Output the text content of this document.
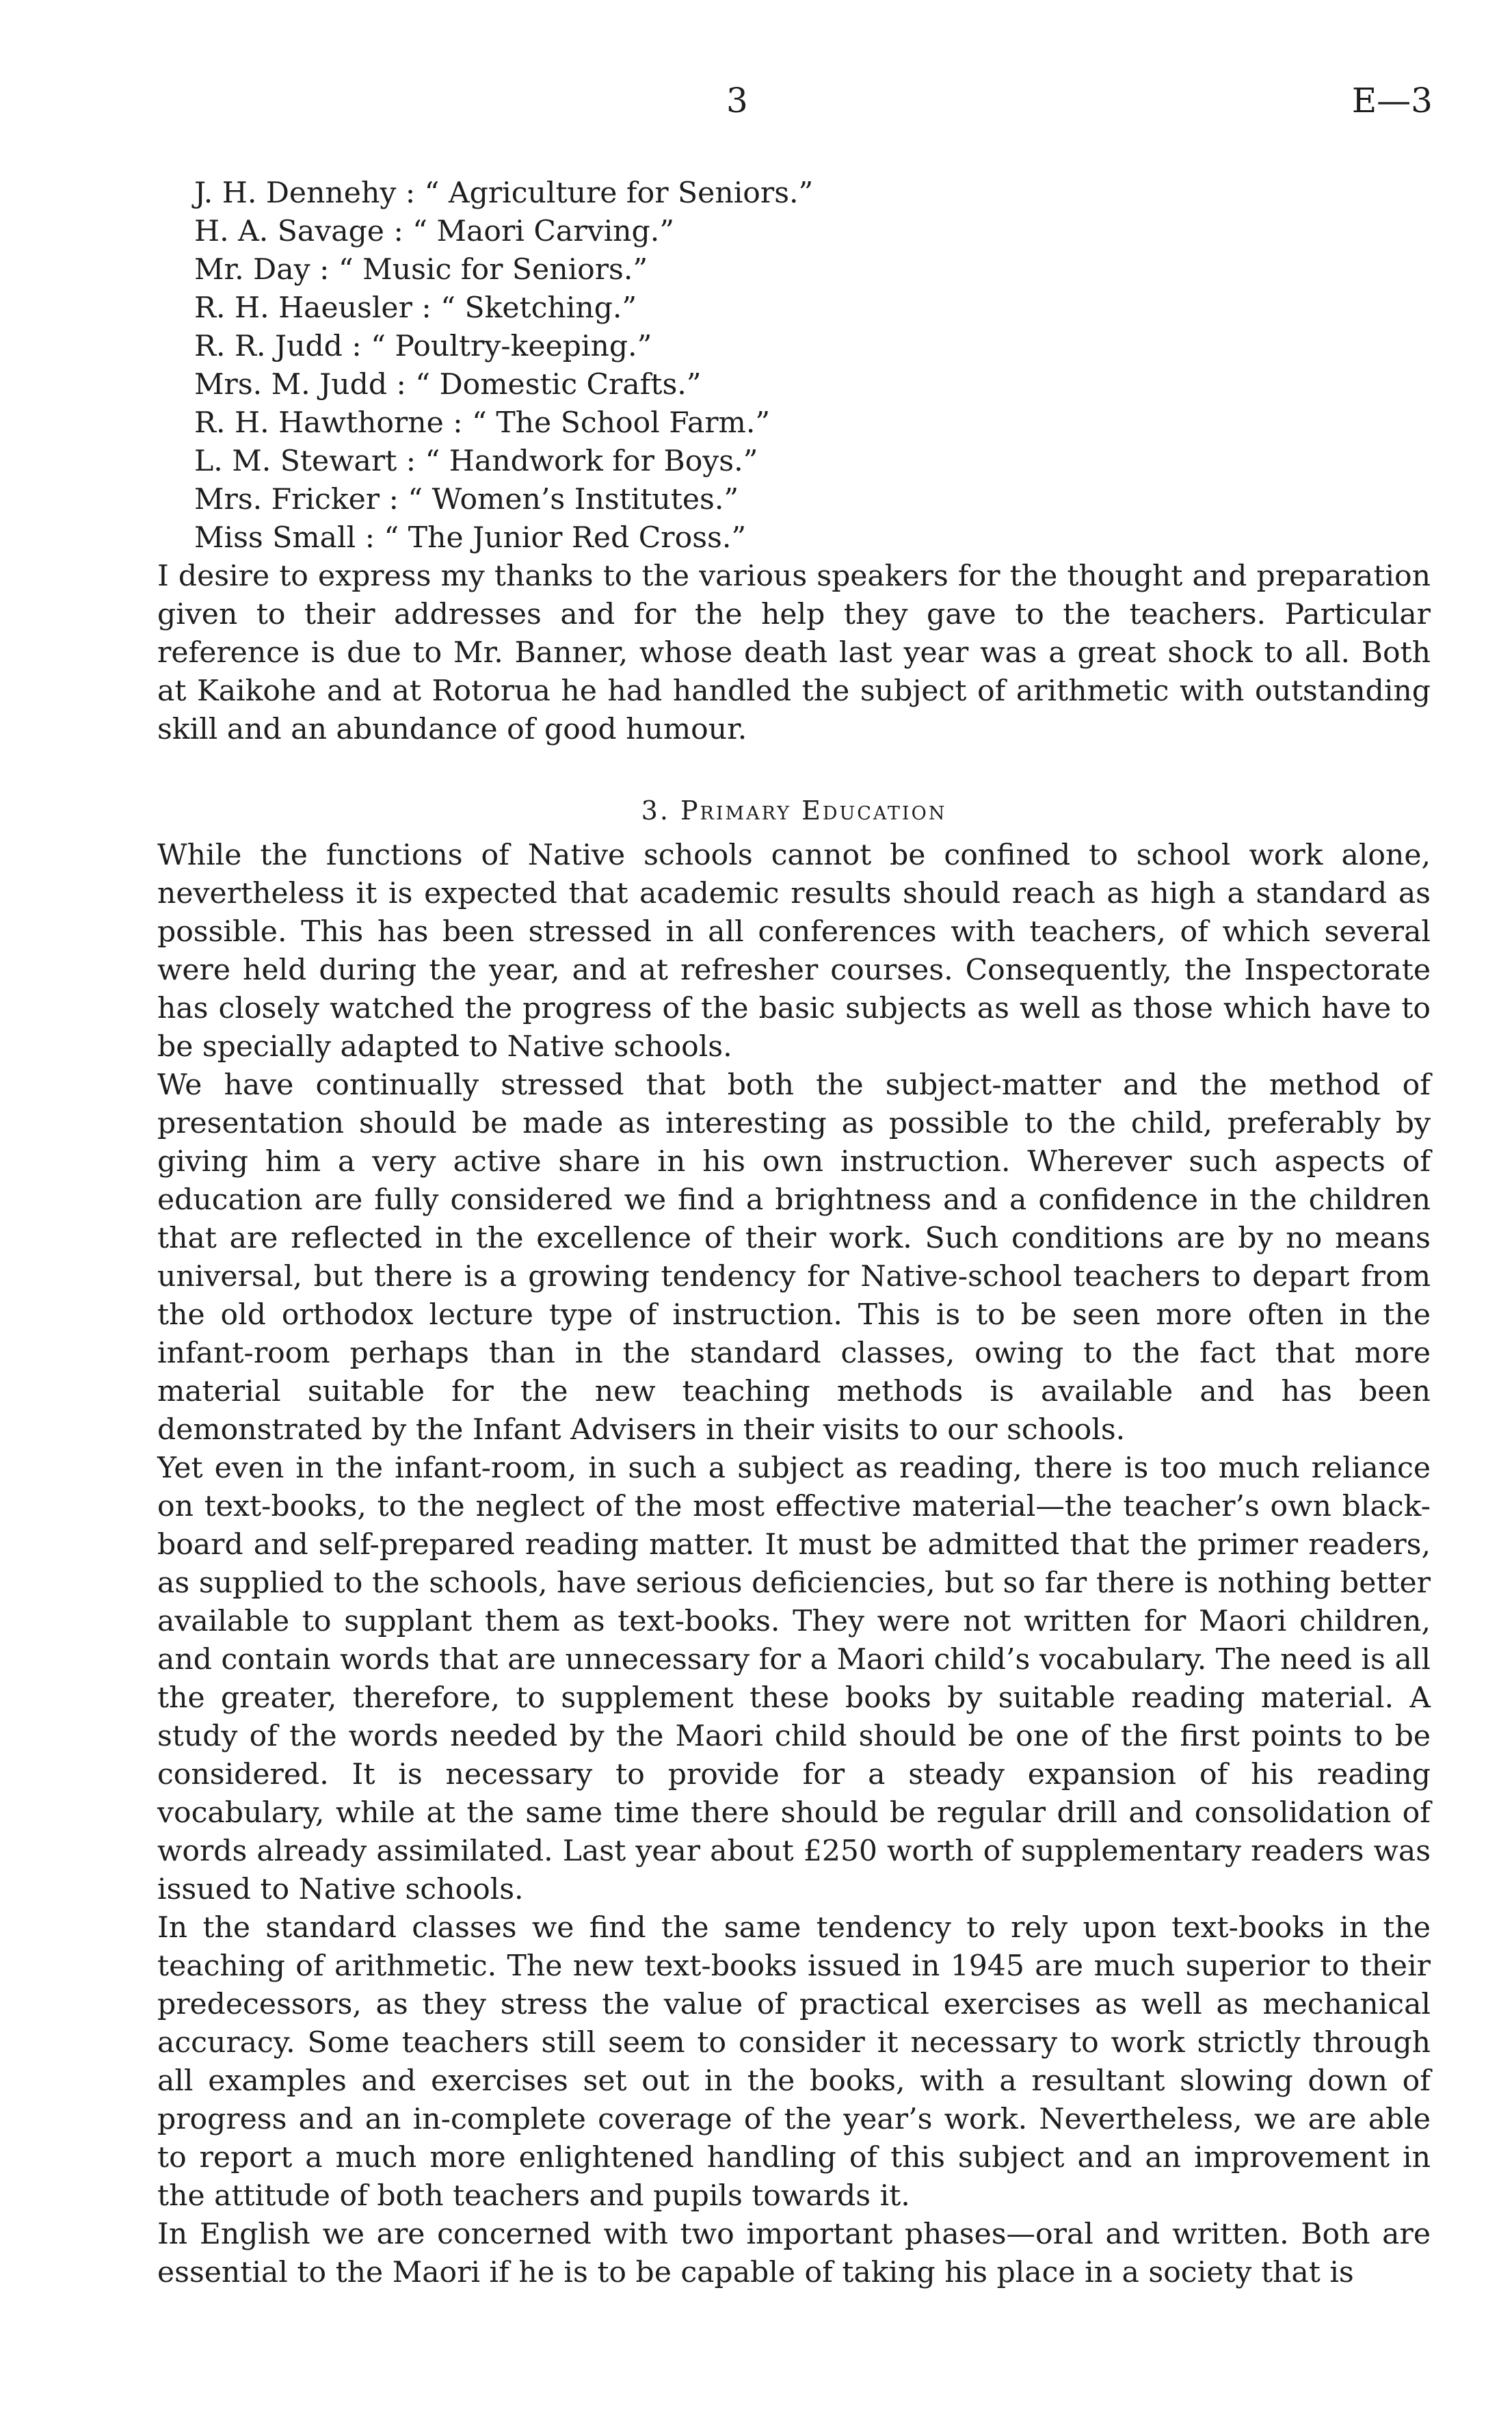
3	E—3
J. H. Dennehy : “ Agriculture for Seniors.”
H. A. Savage : “ Maori Carving.”
Mr. Day : “ Music for Seniors.”
R. H. Haeusler : “ Sketching.”
R. R. Judd : “ Poultry-keeping.”
Mrs. M. Judd : “ Domestic Crafts.”
R. H. Hawthorne : “ The School Farm.”
L. M. Stewart : “ Handwork for Boys.”
Mrs. Fricker : “ Women’s Institutes.”
Miss Small : “ The Junior Red Cross.”

I desire to express my thanks to the various speakers for the thought and preparation given to their addresses and for the help they gave to the teachers. Particular reference is due to Mr. Banner, whose death last year was a great shock to all. Both at Kaikohe and at Rotorua he had handled the subject of arithmetic with outstanding skill and an abundance of good humour.

3. Primary Education

While the functions of Native schools cannot be confined to school work alone, nevertheless it is expected that academic results should reach as high a standard as possible. This has been stressed in all conferences with teachers, of which several were held during the year, and at refresher courses. Consequently, the Inspectorate has closely watched the progress of the basic subjects as well as those which have to be specially adapted to Native schools.

We have continually stressed that both the subject-matter and the method of presentation should be made as interesting as possible to the child, preferably by giving him a very active share in his own instruction. Wherever such aspects of education are fully considered we find a brightness and a confidence in the children that are reflected in the excellence of their work. Such conditions are by no means universal, but there is a growing tendency for Native-school teachers to depart from the old orthodox lecture type of instruction. This is to be seen more often in the infant-room perhaps than in the standard classes, owing to the fact that more material suitable for the new teaching methods is available and has been demonstrated by the Infant Advisers in their visits to our schools.

Yet even in the infant-room, in such a subject as reading, there is too much reliance on text-books, to the neglect of the most effective material—the teacher’s own black-board and self-prepared reading matter. It must be admitted that the primer readers, as supplied to the schools, have serious deficiencies, but so far there is nothing better available to supplant them as text-books. They were not written for Maori children, and contain words that are unnecessary for a Maori child’s vocabulary. The need is all the greater, therefore, to supplement these books by suitable reading material. A study of the words needed by the Maori child should be one of the first points to be considered. It is necessary to provide for a steady expansion of his reading vocabulary, while at the same time there should be regular drill and consolidation of words already assimilated. Last year about £250 worth of supplementary readers was issued to Native schools.

In the standard classes we find the same tendency to rely upon text-books in the teaching of arithmetic. The new text-books issued in 1945 are much superior to their predecessors, as they stress the value of practical exercises as well as mechanical accuracy. Some teachers still seem to consider it necessary to work strictly through all examples and exercises set out in the books, with a resultant slowing down of progress and an in-complete coverage of the year’s work. Nevertheless, we are able to report a much more enlightened handling of this subject and an improvement in the attitude of both teachers and pupils towards it.

In English we are concerned with two important phases—oral and written. Both are essential to the Maori if he is to be capable of taking his place in a society that is
